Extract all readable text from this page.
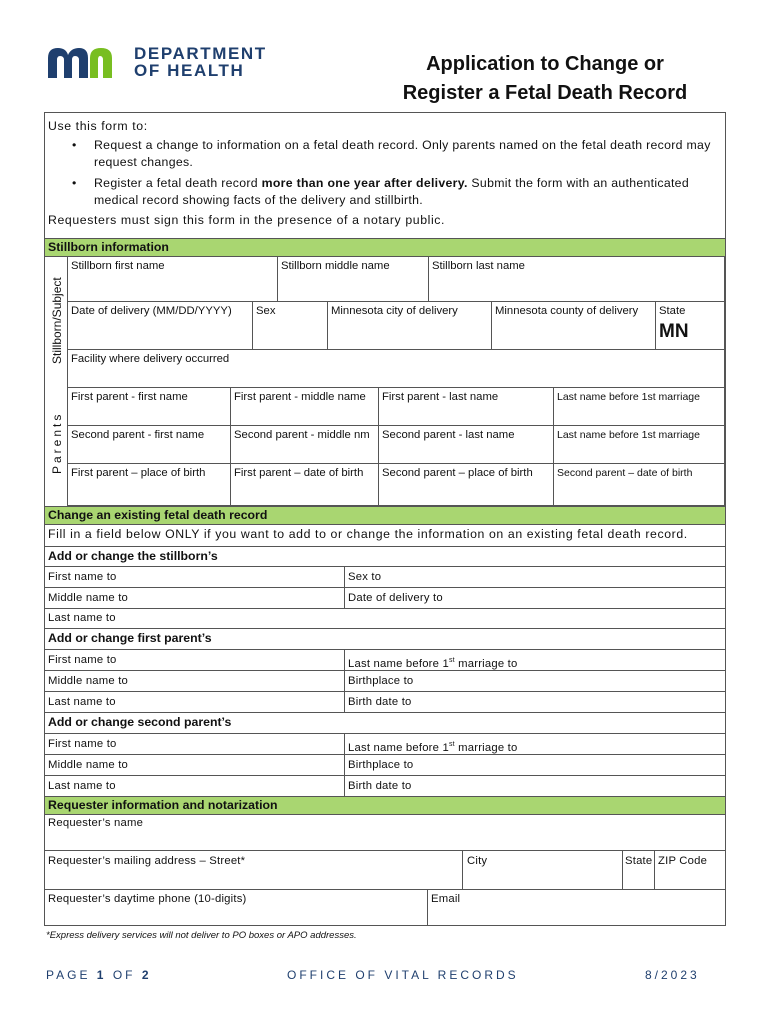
DEPARTMENT
OF HEALTH	Application to Change or
Register a Fetal Death Record
Use this form to:
• Request a change to information on a fetal death record. Only parents named on the fetal death record may request changes.
• Register a fetal death record more than one year after delivery. Submit the form with an authenticated medical record showing facts of the delivery and stillbirth.
Requesters must sign this form in the presence of a notary public.
Stillborn information
Stillborn/Subject
Parents
Stillborn first name	Stillborn middle name	Stillborn last name
Date of delivery (MM/DD/YYYY)	Sex	Minnesota city of delivery	Minnesota county of delivery	State
MN
Facility where delivery occurred
First parent - first name	First parent - middle name	First parent - last name	Last name before 1st marriage
Second parent - first name	Second parent - middle nm	Second parent - last name	Last name before 1st marriage
First parent – place of birth	First parent – date of birth	Second parent – place of birth	Second parent – date of birth
Change an existing fetal death record
Fill in a field below ONLY if you want to add to or change the information on an existing fetal death record.
Add or change the stillborn’s
First name to	Sex to
Middle name to	Date of delivery to
Last name to
Add or change first parent’s
First name to	Last name before 1st marriage to
Middle name to	Birthplace to
Last name to	Birth date to
Add or change second parent’s
First name to	Last name before 1st marriage to
Middle name to	Birthplace to
Last name to	Birth date to
Requester information and notarization
Requester’s name
Requester’s mailing address – Street*	City	State ZIP Code
Requester’s daytime phone (10-digits)	Email
*Express delivery services will not deliver to PO boxes or APO addresses.
PAGE 1 OF 2	OFFICE OF VITAL RECORDS	8/2023
